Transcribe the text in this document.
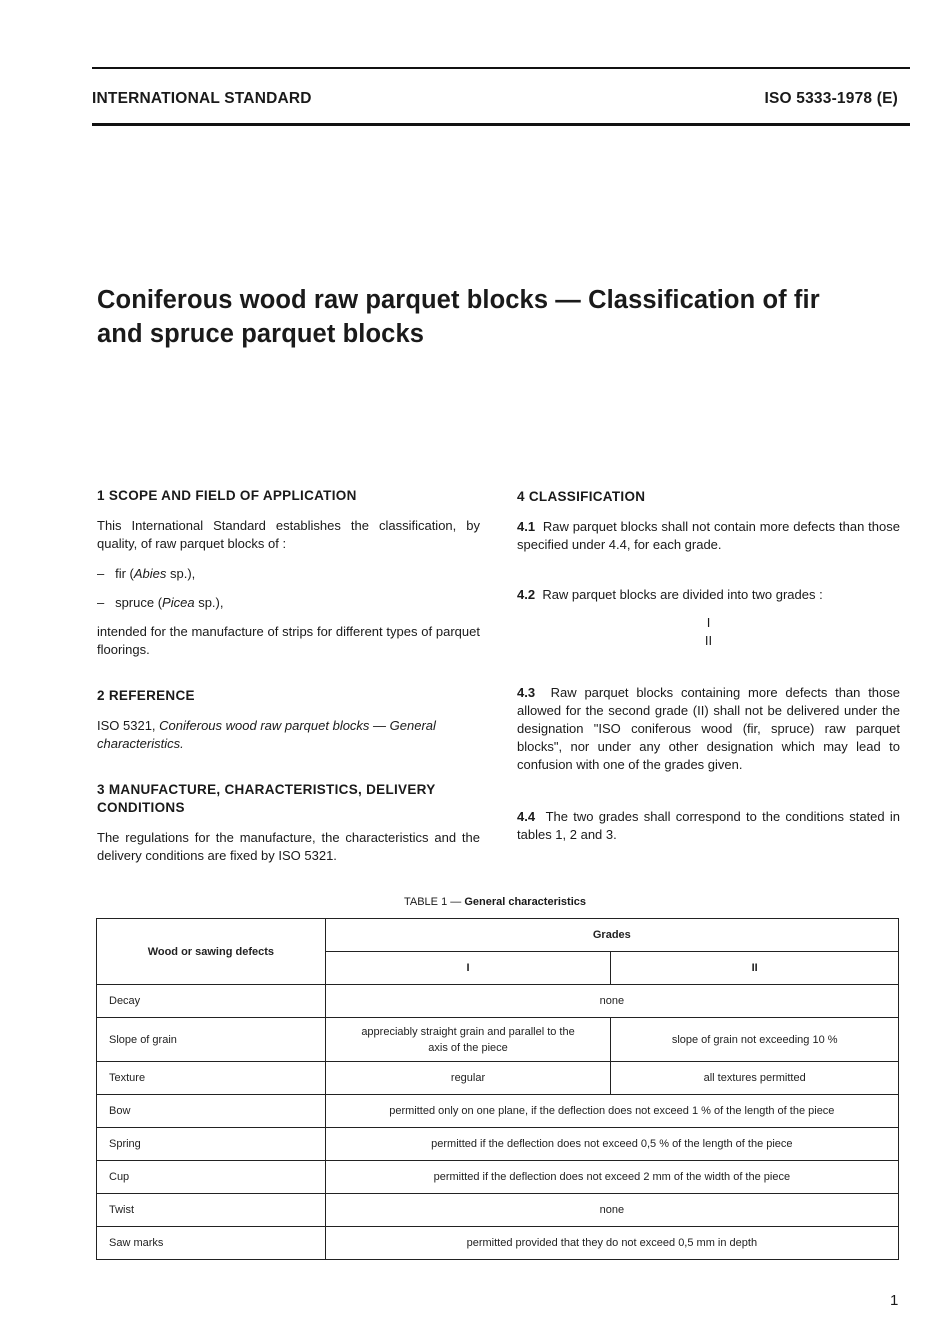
INTERNATIONAL STANDARD	ISO 5333-1978 (E)
Coniferous wood raw parquet blocks — Classification of fir
and spruce parquet blocks

1 SCOPE AND FIELD OF APPLICATION

This International Standard establishes the classification, by quality, of raw parquet blocks of :

–   fir (Abies sp.),

–   spruce (Picea sp.),

intended for the manufacture of strips for different types of parquet floorings.

2 REFERENCE

ISO 5321, Coniferous wood raw parquet blocks — General characteristics.

3 MANUFACTURE, CHARACTERISTICS, DELIVERY CONDITIONS

The regulations for the manufacture, the characteristics and the delivery conditions are fixed by ISO 5321.

4 CLASSIFICATION

4.1 Raw parquet blocks shall not contain more defects than those specified under 4.4, for each grade.

4.2 Raw parquet blocks are divided into two grades :

I

II

4.3 Raw parquet blocks containing more defects than those allowed for the second grade (II) shall not be delivered under the designation "ISO coniferous wood (fir, spruce) raw parquet blocks", nor under any other designation which may lead to confusion with one of the grades given.

4.4 The two grades shall correspond to the conditions stated in tables 1, 2 and 3.

TABLE 1 — General characteristics
Wood or sawing defects	Grades	
	I	II
Decay	none	
Slope of grain	appreciably straight grain and parallel to the axis of the piece	slope of grain not exceeding 10 %
Texture	regular	all textures permitted
Bow	permitted only on one plane, if the deflection does not exceed 1 % of the length of the piece	
Spring	permitted if the deflection does not exceed 0,5 % of the length of the piece	
Cup	permitted if the deflection does not exceed 2 mm of the width of the piece	
Twist	none	
Saw marks	permitted provided that they do not exceed 0,5 mm in depth	
1
